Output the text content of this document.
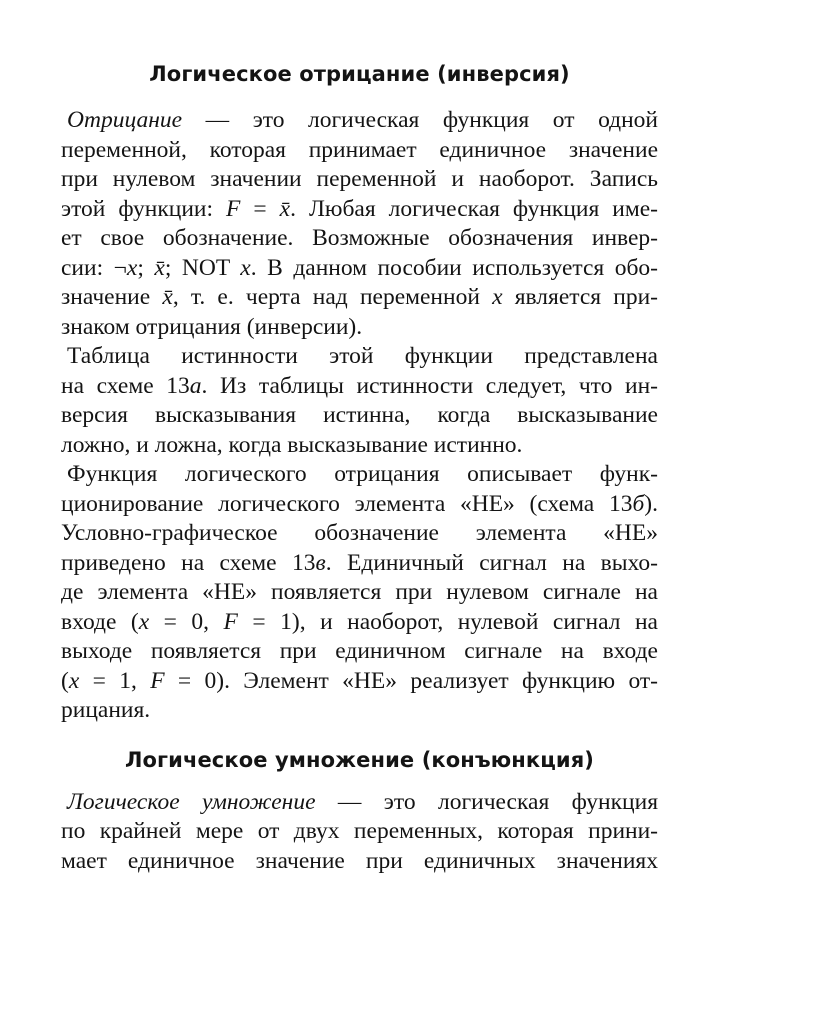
Логическое отрицание (инверсия)
Отрицание — это логическая функция от одной
переменной, которая принимает единичное значение
при нулевом значении переменной и наоборот. Запись
этой функции: F = x̄. Любая логическая функция име-
ет свое обозначение. Возможные обозначения инвер-
сии: ¬x; x̄; NOT x. В данном пособии используется обо-
значение x̄, т. е. черта над переменной x является при-
знаком отрицания (инверсии).
Таблица истинности этой функции представлена
на схеме 13а. Из таблицы истинности следует, что ин-
версия высказывания истинна, когда высказывание
ложно, и ложна, когда высказывание истинно.
Функция логического отрицания описывает функ-
ционирование логического элемента «НЕ» (схема 13б).
Условно-графическое обозначение элемента «НЕ»
приведено на схеме 13в. Единичный сигнал на выхо-
де элемента «НЕ» появляется при нулевом сигнале на
входе (x = 0, F = 1), и наоборот, нулевой сигнал на
выходе появляется при единичном сигнале на входе
(x = 1, F = 0). Элемент «НЕ» реализует функцию от-
рицания.
Логическое умножение (конъюнкция)
Логическое умножение — это логическая функция
по крайней мере от двух переменных, которая прини-
мает единичное значение при единичных значениях
